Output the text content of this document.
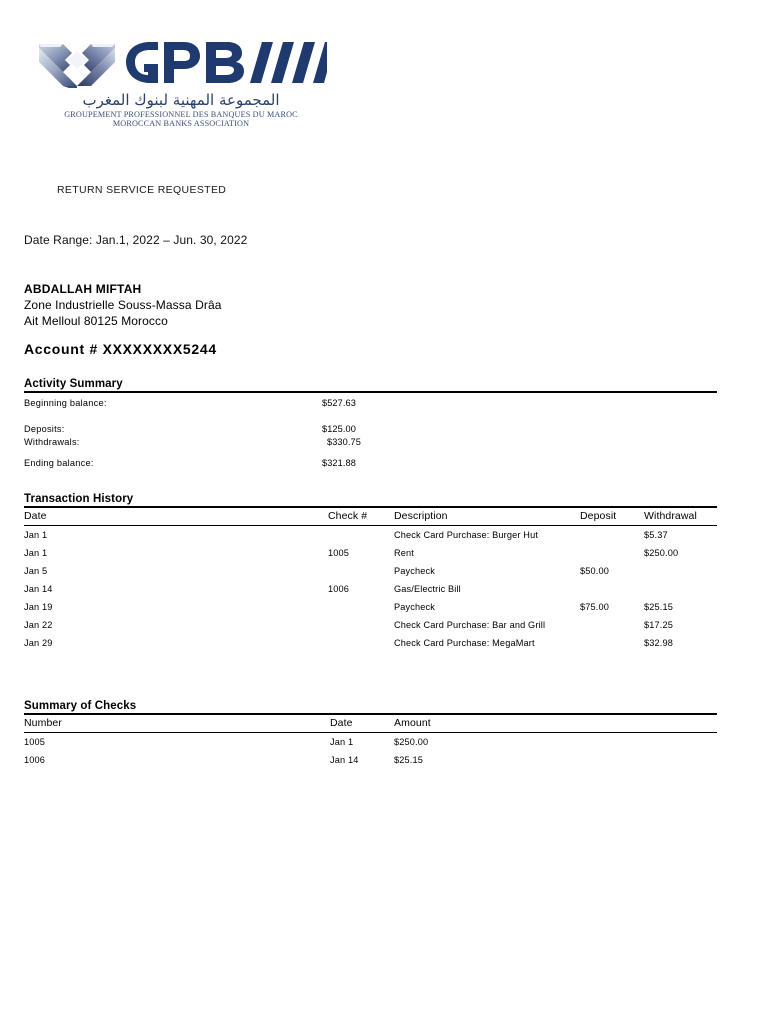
المجموعة المهنية لبنوك المغرب
GROUPEMENT PROFESSIONNEL DES BANQUES DU MAROC
MOROCCAN BANKS ASSOCIATION
RETURN SERVICE REQUESTED
Date Range: Jan.1, 2022 – Jun. 30, 2022
ABDALLAH MIFTAH
Zone Industrielle Souss-Massa Drâa
Ait Melloul 80125 Morocco
Account # XXXXXXXX5244
Activity Summary
Beginning balance:	$527.63
Deposits:	$125.00
Withdrawals:	$330.75
Ending balance:	$321.88
Transaction History
Date	Check #	Description	Deposit	Withdrawal
Jan 1		Check Card Purchase: Burger Hut		$5.37
Jan 1	1005	Rent		$250.00
Jan 5		Paycheck	$50.00	
Jan 14	1006	Gas/Electric Bill		
Jan 19		Paycheck	$75.00	$25.15
Jan 22		Check Card Purchase: Bar and Grill		$17.25
Jan 29		Check Card Purchase: MegaMart		$32.98
Summary of Checks
Number	Date	Amount
1005	Jan 1	$250.00
1006	Jan 14	$25.15
